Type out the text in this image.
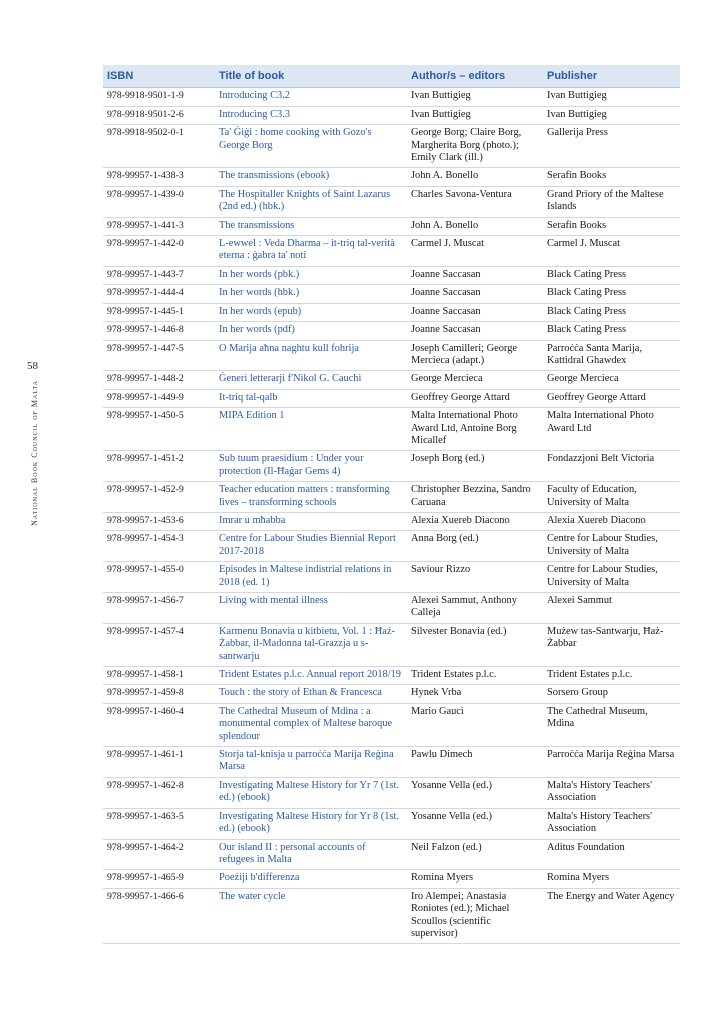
58
National Book Council of Malta
ISBN	Title of book	Author/s – editors	Publisher
978-9918-9501-1-9	Introducing C3.2	Ivan Buttigieg	Ivan Buttigieg
978-9918-9501-2-6	Introducing C3.3	Ivan Buttigieg	Ivan Buttigieg
978-9918-9502-0-1	Ta' Ġiġi : home cooking with Gozo's George Borg	George Borg; Claire Borg, Margherita Borg (photo.); Emily Clark (ill.)	Gallerija Press
978-99957-1-438-3	The transmissions (ebook)	John A. Bonello	Serafin Books
978-99957-1-439-0	The Hospitaller Knights of Saint Lazarus (2nd ed.) (hbk.)	Charles Savona-Ventura	Grand Priory of the Maltese Islands
978-99957-1-441-3	The transmissions	John A. Bonello	Serafin Books
978-99957-1-442-0	L-ewwel : Veda Dharma – it-triq tal-verità eterna : ġabra ta' noti	Carmel J. Muscat	Carmel J. Muscat
978-99957-1-443-7	In her words (pbk.)	Joanne Saccasan	Black Cating Press
978-99957-1-444-4	In her words (hbk.)	Joanne Saccasan	Black Cating Press
978-99957-1-445-1	In her words (epub)	Joanne Saccasan	Black Cating Press
978-99957-1-446-8	In her words (pdf)	Joanne Saccasan	Black Cating Press
978-99957-1-447-5	O Marija aħna naghtu kull fohrija	Joseph Camilleri; George Mercieca (adapt.)	Parroċċa Santa Marija, Kattidral Ghawdex
978-99957-1-448-2	Ġeneri letterarji f'Nikol G. Cauchi	George Mercieca	George Mercieca
978-99957-1-449-9	It-triq tal-qalb	Geoffrey George Attard	Geoffrey George Attard
978-99957-1-450-5	MIPA Edition 1	Malta International Photo Award Ltd, Antoine Borg Micallef	Malta International Photo Award Ltd
978-99957-1-451-2	Sub tuum praesidium : Under your protection (Il-Ħaġar Gems 4)	Joseph Borg (ed.)	Fondazzjoni Belt Victoria
978-99957-1-452-9	Teacher education matters : transforming lives – transforming schools	Christopher Bezzina, Sandro Caruana	Faculty of Education, University of Malta
978-99957-1-453-6	Imrar u mħabba	Alexia Xuereb Diacono	Alexia Xuereb Diacono
978-99957-1-454-3	Centre for Labour Studies Biennial Report 2017-2018	Anna Borg (ed.)	Centre for Labour Studies, University of Malta
978-99957-1-455-0	Episodes in Maltese indistrial relations in 2018 (ed. 1)	Saviour Rizzo	Centre for Labour Studies, University of Malta
978-99957-1-456-7	Living with mental illness	Alexei Sammut, Anthony Calleja	Alexei Sammut
978-99957-1-457-4	Karmenu Bonavia u kitbietu, Vol. 1 : Ħaż-Żabbar, il-Madonna tal-Grazzja u s-santwarju	Silvester Bonavia (ed.)	Mużew tas-Santwarju, Ħaż-Żabbar
978-99957-1-458-1	Trident Estates p.l.c. Annual report 2018/19	Trident Estates p.l.c.	Trident Estates p.l.c.
978-99957-1-459-8	Touch : the story of Ethan & Francesca	Hynek Vrba	Sorsero Group
978-99957-1-460-4	The Cathedral Museum of Mdina : a monumental complex of Maltese baroque splendour	Mario Gauci	The Cathedral Museum, Mdina
978-99957-1-461-1	Storja tal-knisja u parroċċa Marija Reġina Marsa	Pawlu Dimech	Parroċċa Marija Reġina Marsa
978-99957-1-462-8	Investigating Maltese History for Yr 7 (1st. ed.) (ebook)	Yosanne Vella (ed.)	Malta's History Teachers' Association
978-99957-1-463-5	Investigating Maltese History for Yr 8 (1st. ed.) (ebook)	Yosanne Vella (ed.)	Malta's History Teachers' Association
978-99957-1-464-2	Our island II : personal accounts of refugees in Malta	Neil Falzon (ed.)	Aditus Foundation
978-99957-1-465-9	Poeżiji b'differenza	Romina Myers	Romina Myers
978-99957-1-466-6	The water cycle	Iro Alempei; Anastasia Roniotes (ed.); Michael Scoullos (scientific supervisor)	The Energy and Water Agency
